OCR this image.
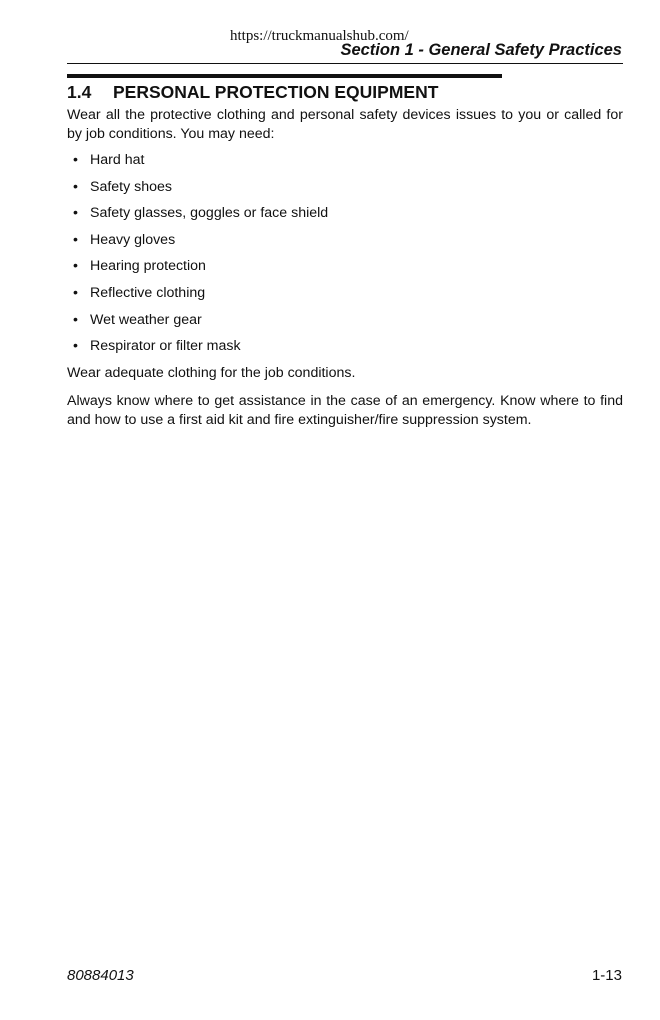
https://truckmanualshub.com/
Section 1 - General Safety Practices
1.4 PERSONAL PROTECTION EQUIPMENT

Wear all the protective clothing and personal safety devices issues to you or called for by job conditions. You may need:

• Hard hat
• Safety shoes
• Safety glasses, goggles or face shield
• Heavy gloves
• Hearing protection
• Reflective clothing
• Wet weather gear
• Respirator or filter mask

Wear adequate clothing for the job conditions.

Always know where to get assistance in the case of an emergency. Know where to find and how to use a first aid kit and fire extinguisher/fire suppression system.

80884013	1-13
